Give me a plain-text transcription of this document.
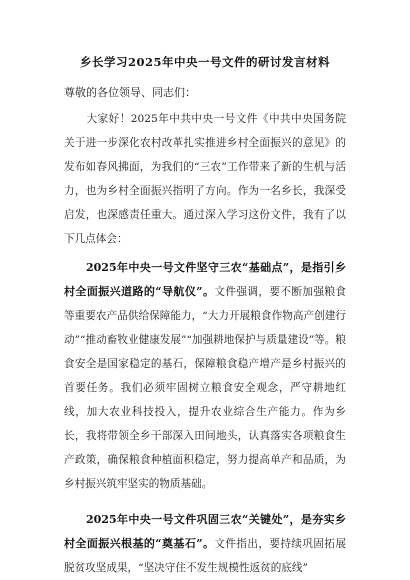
乡长学习2025年中央一号文件的研讨发言材料
尊敬的各位领导、同志们：

大家好！2025年中共中央一号文件《中共中央国务院关于进一步深化农村改革扎实推进乡村全面振兴的意见》的发布如春风拂面，为我们的“三农”工作带来了新的生机与活力，也为乡村全面振兴指明了方向。作为一名乡长，我深受启发，也深感责任重大。通过深入学习这份文件，我有了以下几点体会：

2025年中央一号文件坚守三农“基础点”，是指引乡村全面振兴道路的“导航仪”。文件强调，要不断加强粮食等重要农产品供给保障能力，“大力开展粮食作物高产创建行动”“推动畜牧业健康发展”“加强耕地保护与质量建设”等。粮食安全是国家稳定的基石，保障粮食稳产增产是乡村振兴的首要任务。我们必须牢固树立粮食安全观念，严守耕地红线，加大农业科技投入，提升农业综合生产能力。作为乡长，我将带领全乡干部深入田间地头，认真落实各项粮食生产政策，确保粮食种植面积稳定，努力提高单产和品质，为乡村振兴筑牢坚实的物质基础。

2025年中央一号文件巩固三农“关键处”，是夯实乡村全面振兴根基的“奠基石”。文件指出，要持续巩固拓展脱贫攻坚成果，“坚决守住不发生规模性返贫的底线”
